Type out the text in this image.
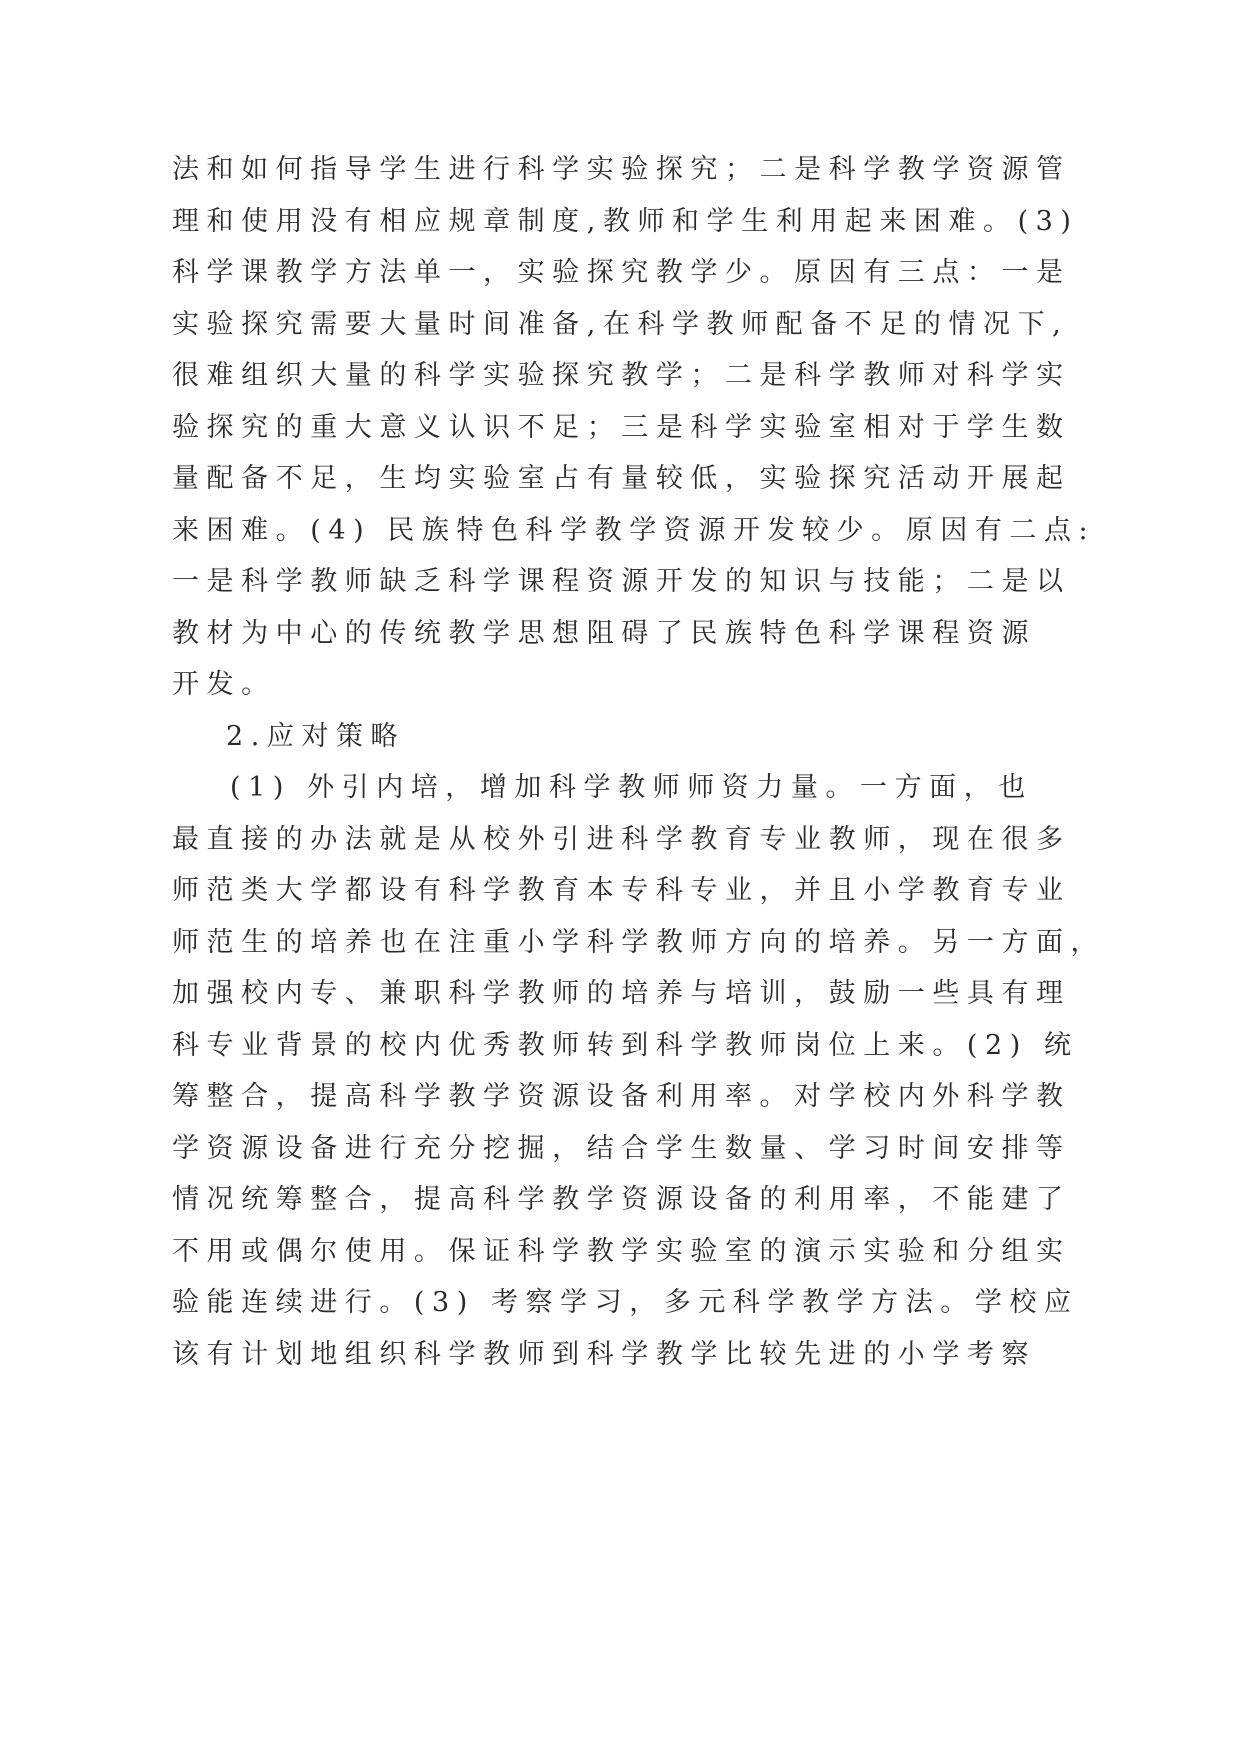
法和如何指导学生进行科学实验探究；二是科学教学资源管
理和使用没有相应规章制度,教师和学生利用起来困难。(3)
科学课教学方法单一，实验探究教学少。原因有三点：一是
实验探究需要大量时间准备,在科学教师配备不足的情况下,
很难组织大量的科学实验探究教学；二是科学教师对科学实
验探究的重大意义认识不足；三是科学实验室相对于学生数
量配备不足，生均实验室占有量较低，实验探究活动开展起
来困难。(4) 民族特色科学教学资源开发较少。原因有二点:
一是科学教师缺乏科学课程资源开发的知识与技能；二是以
教材为中心的传统教学思想阻碍了民族特色科学课程资源
开发。
2.应对策略
(1) 外引内培，增加科学教师师资力量。一方面，也
最直接的办法就是从校外引进科学教育专业教师，现在很多
师范类大学都设有科学教育本专科专业，并且小学教育专业
师范生的培养也在注重小学科学教师方向的培养。另一方面，
加强校内专、兼职科学教师的培养与培训，鼓励一些具有理
科专业背景的校内优秀教师转到科学教师岗位上来。(2) 统
筹整合，提高科学教学资源设备利用率。对学校内外科学教
学资源设备进行充分挖掘，结合学生数量、学习时间安排等
情况统筹整合，提高科学教学资源设备的利用率，不能建了
不用或偶尔使用。保证科学教学实验室的演示实验和分组实
验能连续进行。(3) 考察学习，多元科学教学方法。学校应
该有计划地组织科学教师到科学教学比较先进的小学考察
